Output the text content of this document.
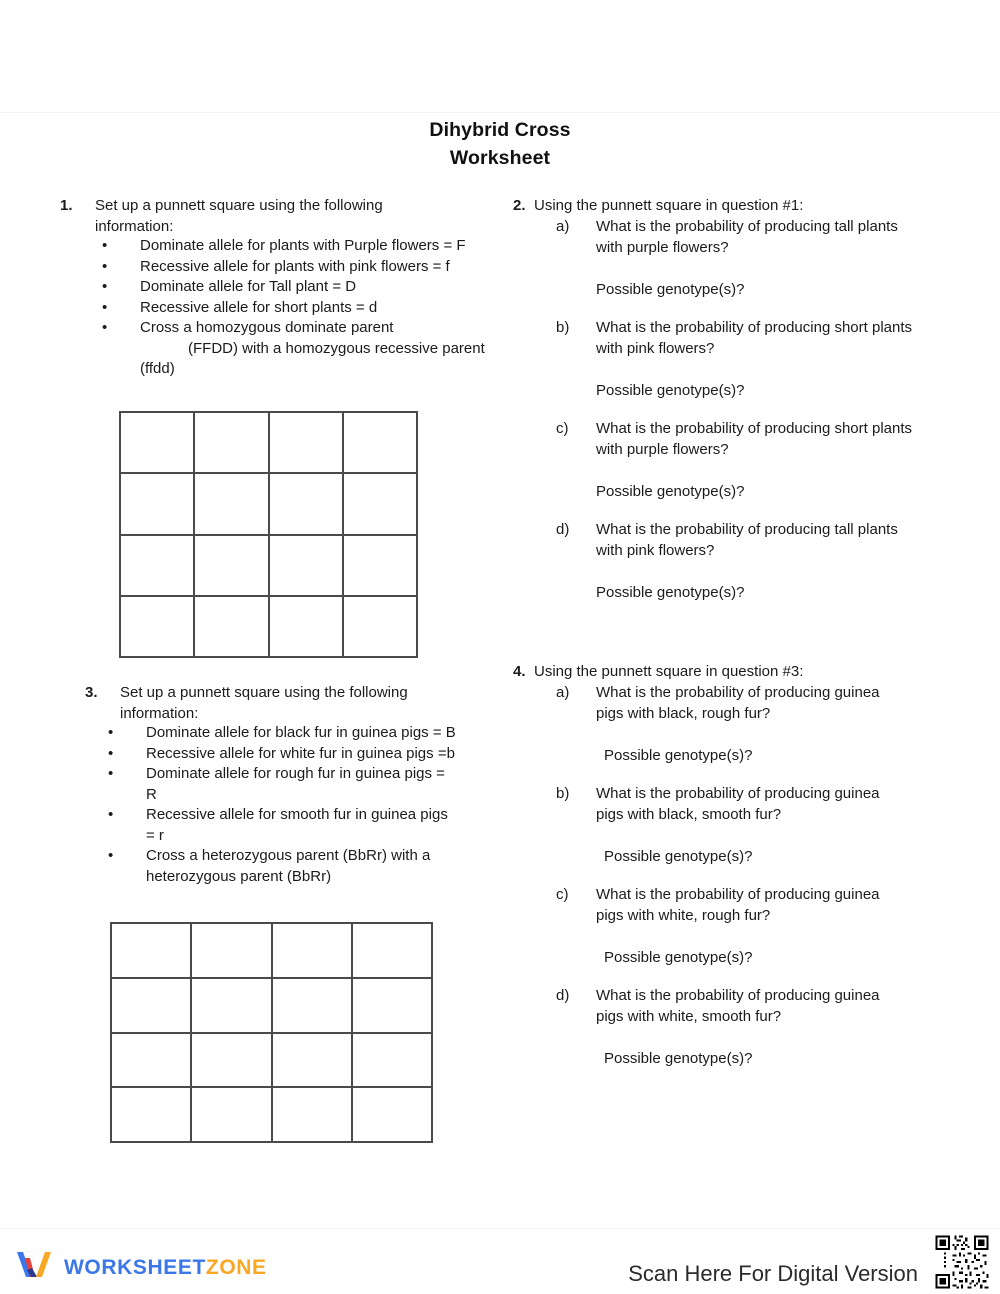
Dihybrid Cross
Worksheet
1. Set up a punnett square using the following
information:
• Dominate allele for plants with Purple flowers = F
• Recessive allele for plants with pink flowers = f
• Dominate allele for Tall plant = D
• Recessive allele for short plants = d
• Cross a homozygous dominate parent
(FFDD) with a homozygous recessive parent
(ffdd)
2. Using the punnett square in question #1:
a) What is the probability of producing tall plants
with purple flowers?
Possible genotype(s)?
b) What is the probability of producing short plants
with pink flowers?
Possible genotype(s)?
c) What is the probability of producing short plants
with purple flowers?
Possible genotype(s)?
d) What is the probability of producing tall plants
with pink flowers?
Possible genotype(s)?
3. Set up a punnett square using the following
information:
• Dominate allele for black fur in guinea pigs = B
• Recessive allele for white fur in guinea pigs =b
• Dominate allele for rough fur in guinea pigs =
R
• Recessive allele for smooth fur in guinea pigs
= r
• Cross a heterozygous parent (BbRr) with a
heterozygous parent (BbRr)
4. Using the punnett square in question #3:
a) What is the probability of producing guinea
pigs with black, rough fur?
Possible genotype(s)?
b) What is the probability of producing guinea
pigs with black, smooth fur?
Possible genotype(s)?
c) What is the probability of producing guinea
pigs with white, rough fur?
Possible genotype(s)?
d) What is the probability of producing guinea
pigs with white, smooth fur?
Possible genotype(s)?
WORKSHEETZONE	Scan Here For Digital Version
